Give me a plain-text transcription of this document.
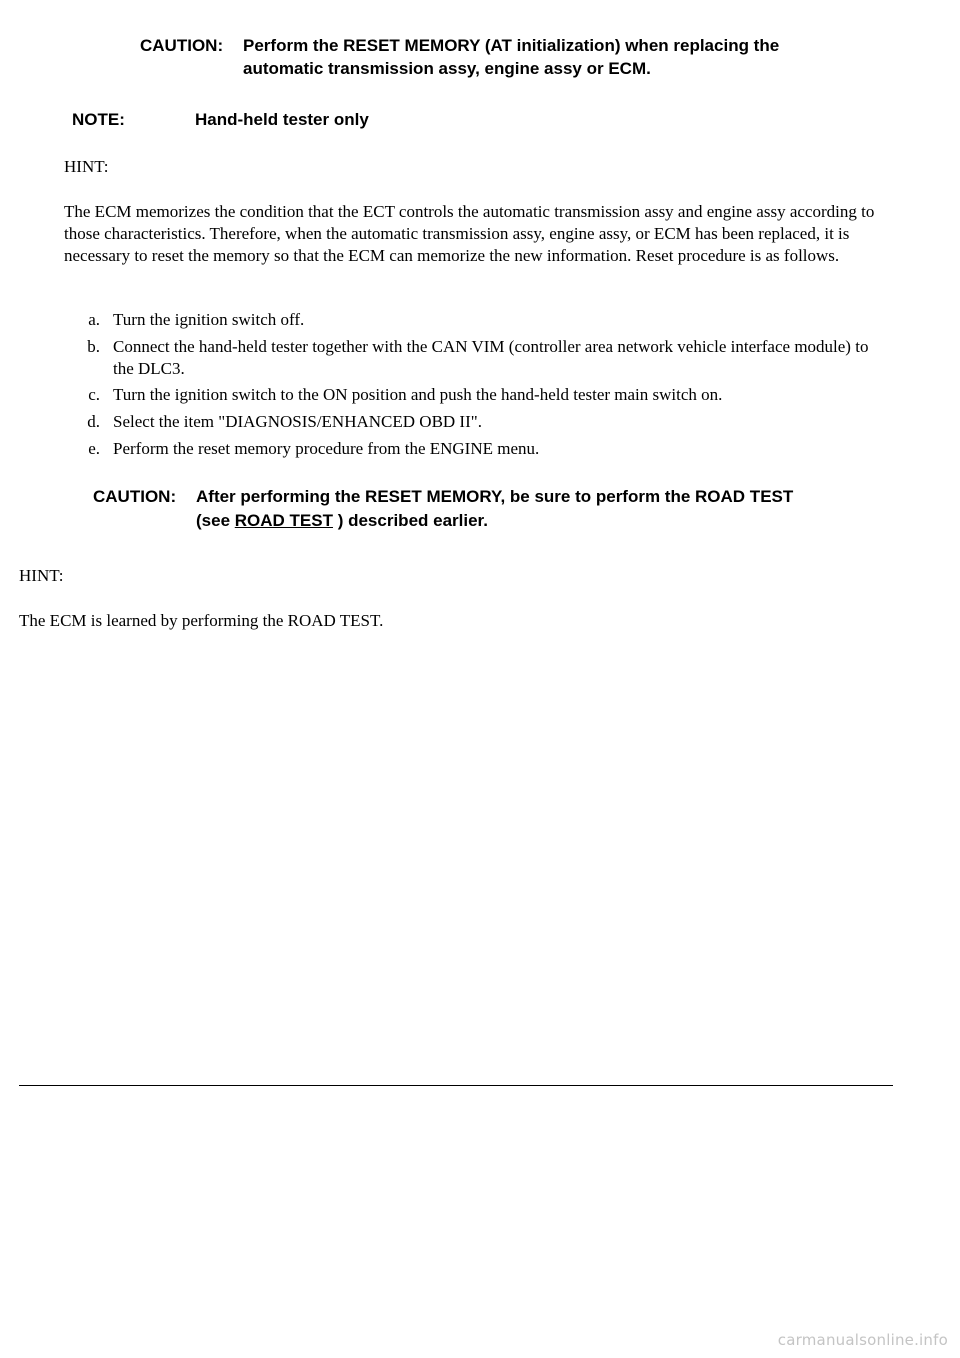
CAUTION: Perform the RESET MEMORY (AT initialization) when replacing the
automatic transmission assy, engine assy or ECM.
NOTE:	Hand-held tester only
HINT:
The ECM memorizes the condition that the ECT controls the automatic transmission assy and engine assy according to those characteristics. Therefore, when the automatic transmission assy, engine assy, or ECM has been replaced, it is necessary to reset the memory so that the ECM can memorize the new information. Reset procedure is as follows.
a. Turn the ignition switch off.
b. Connect the hand-held tester together with the CAN VIM (controller area network vehicle interface module) to the DLC3.
c. Turn the ignition switch to the ON position and push the hand-held tester main switch on.
d. Select the item "DIAGNOSIS/ENHANCED OBD II".
e. Perform the reset memory procedure from the ENGINE menu.
CAUTION: After performing the RESET MEMORY, be sure to perform the ROAD TEST
(see ROAD TEST ) described earlier.
HINT:
The ECM is learned by performing the ROAD TEST.
carmanualsonline.info
